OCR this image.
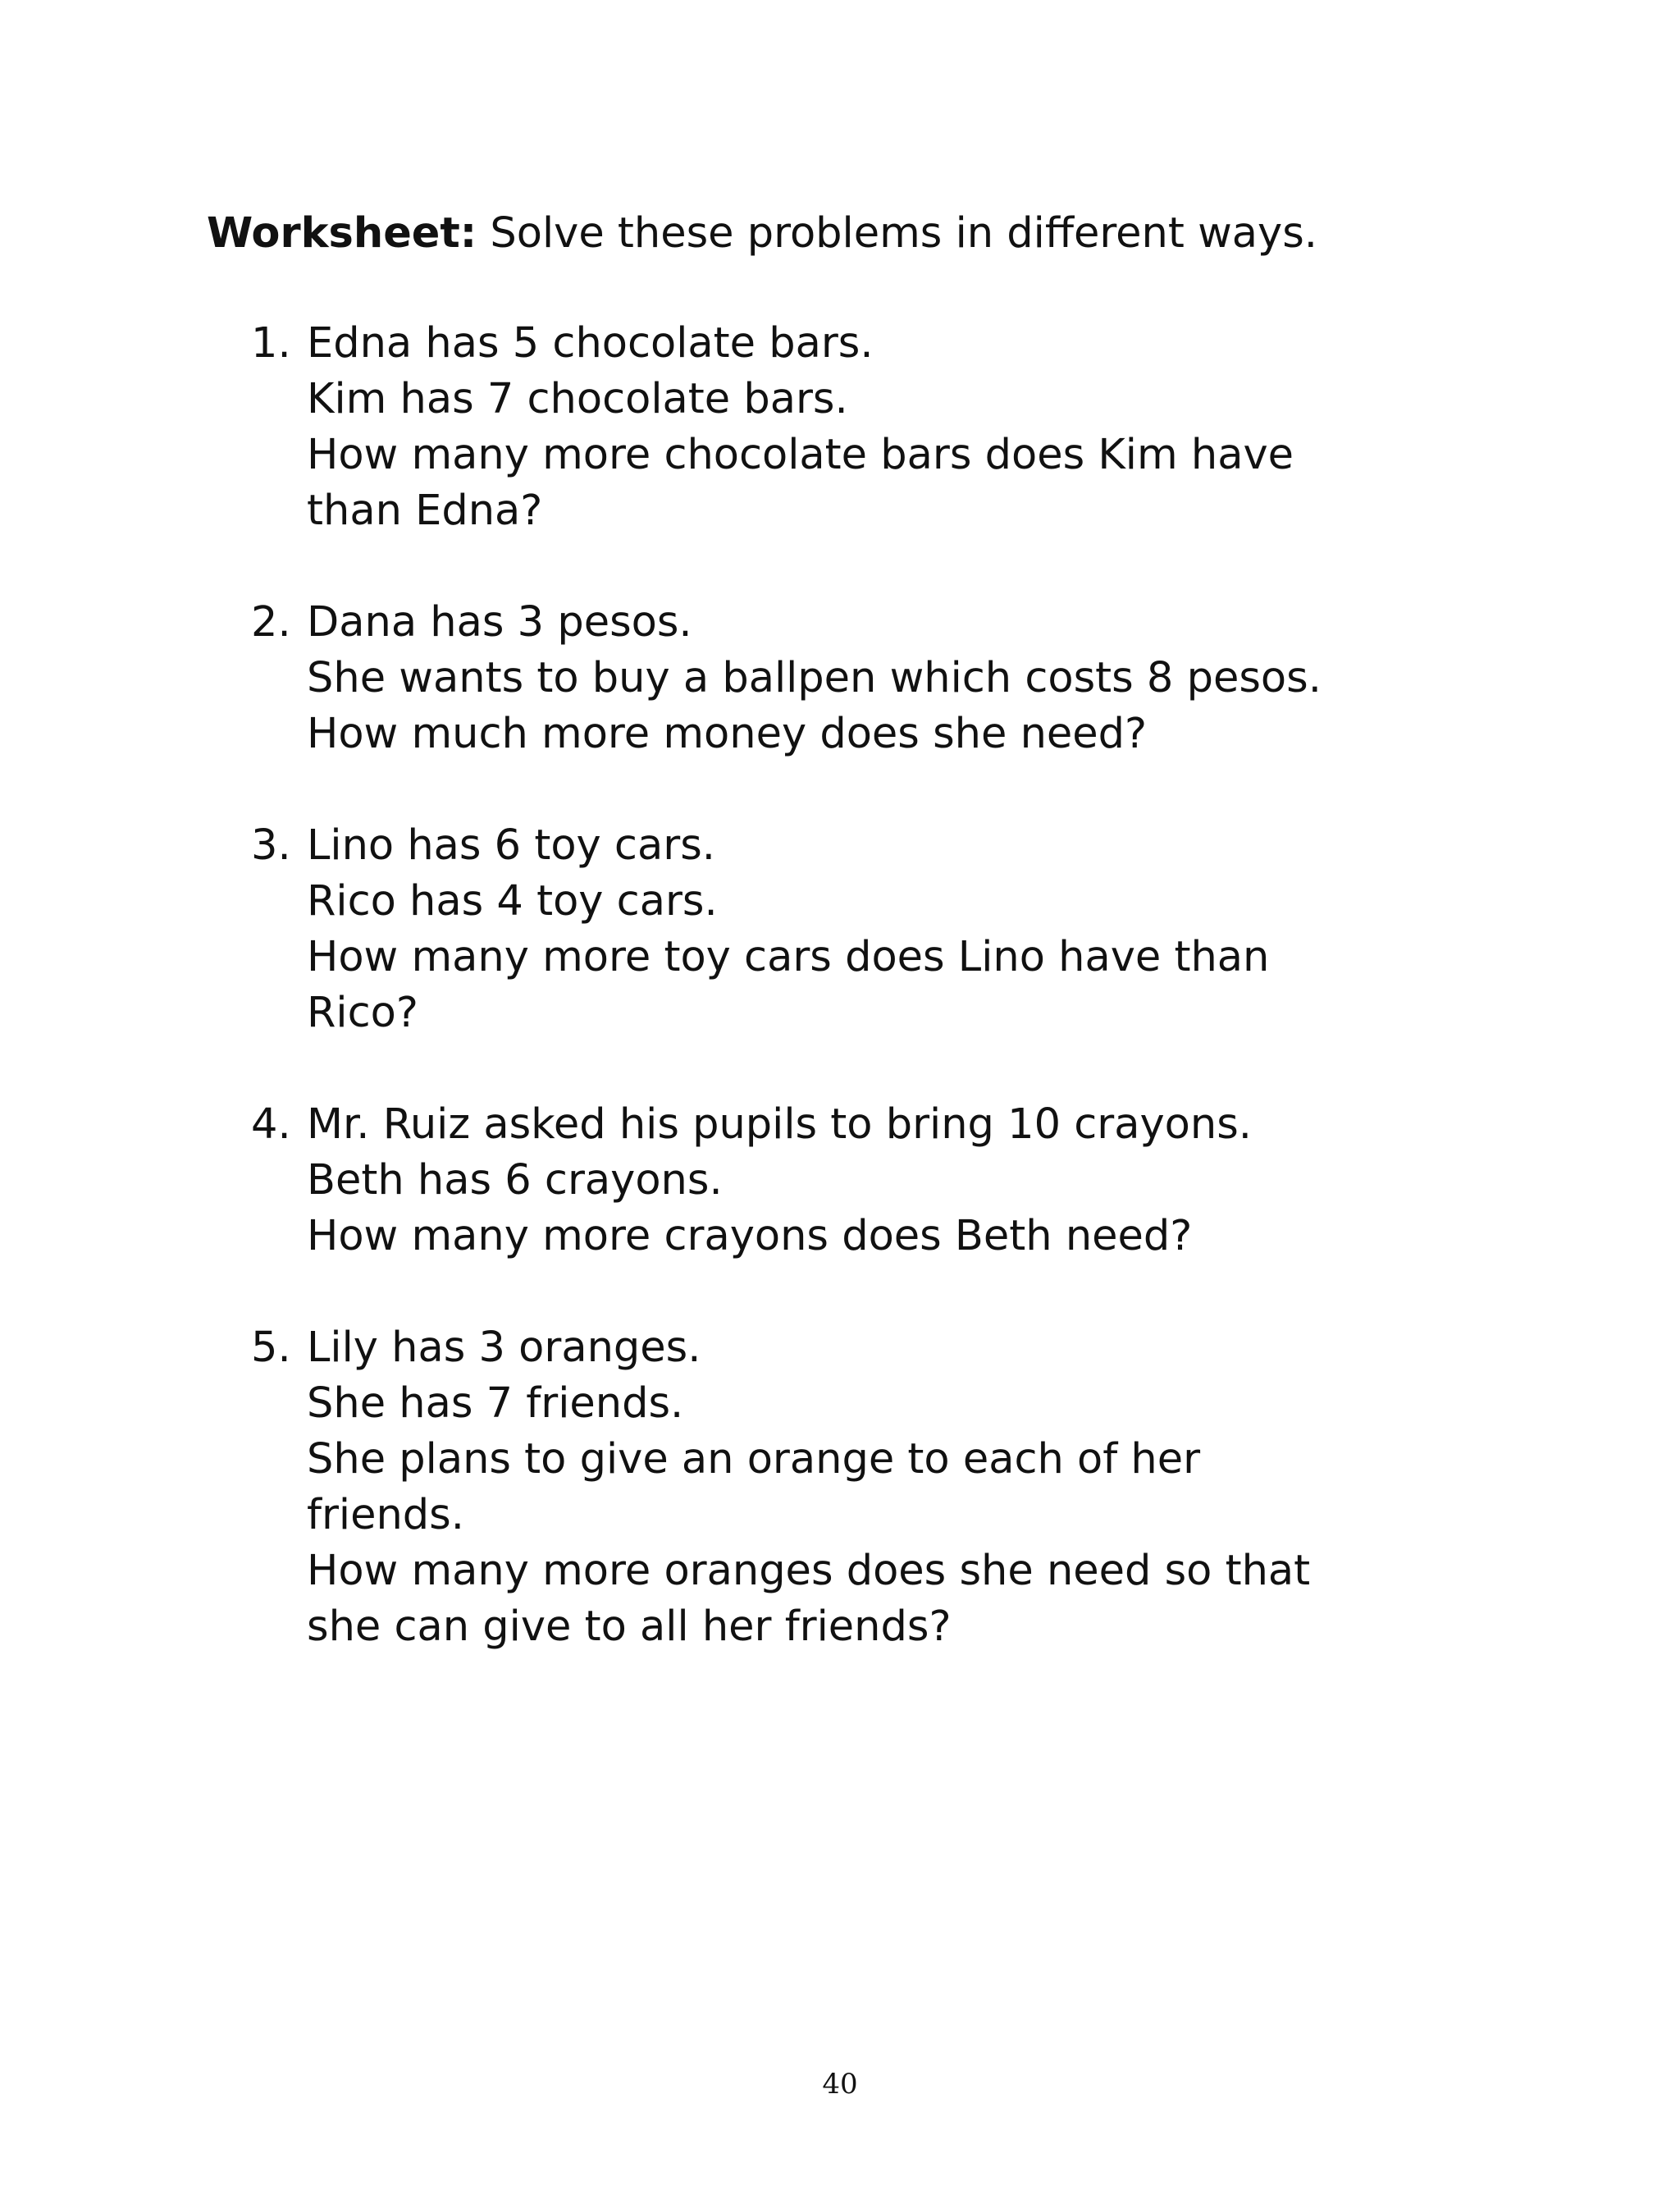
Worksheet: Solve these problems in different ways.
1. Edna has 5 chocolate bars.
Kim has 7 chocolate bars.
How many more chocolate bars does Kim have
than Edna?
2. Dana has 3 pesos.
She wants to buy a ballpen which costs 8 pesos.
How much more money does she need?
3. Lino has 6 toy cars.
Rico has 4 toy cars.
How many more toy cars does Lino have than
Rico?
4. Mr. Ruiz asked his pupils to bring 10 crayons.
Beth has 6 crayons.
How many more crayons does Beth need?
5. Lily has 3 oranges.
She has 7 friends.
She plans to give an orange to each of her
friends.
How many more oranges does she need so that
she can give to all her friends?
40
